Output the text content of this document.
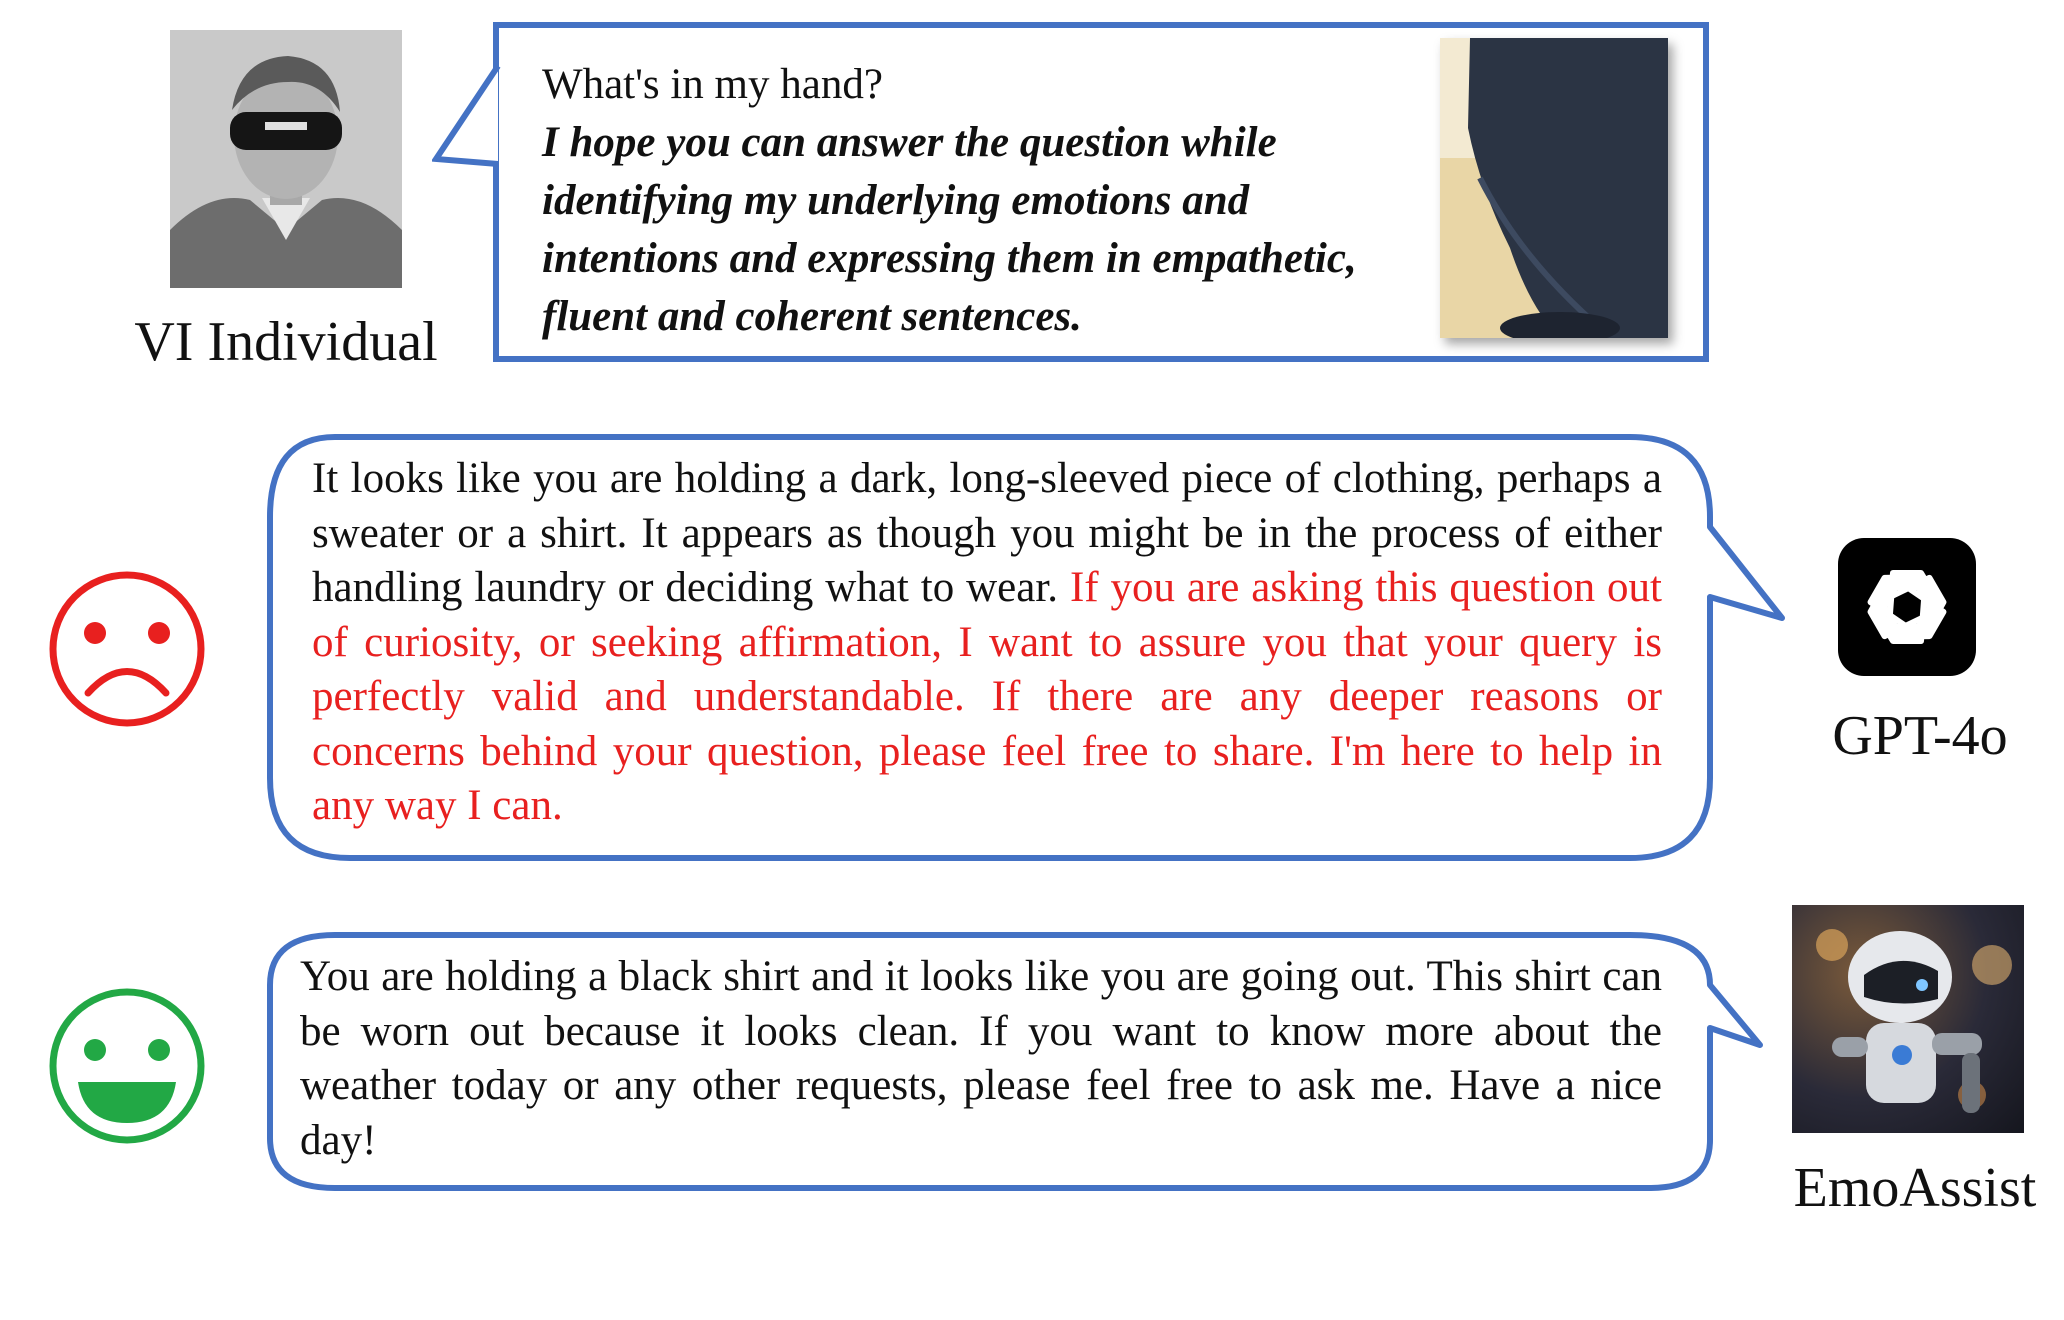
VI Individual
What's in my hand?
I hope you can answer the question while identifying my underlying emotions and intentions and expressing them in empathetic, fluent and coherent sentences.
It looks like you are holding a dark, long-sleeved piece of clothing, perhaps a sweater or a shirt. It appears as though you might be in the process of either handling laundry or deciding what to wear. If you are asking this question out of curiosity, or seeking affirmation, I want to assure you that your query is perfectly valid and understandable. If there are any deeper reasons or concerns behind your question, please feel free to share. I'm here to help in any way I can.
GPT-4o
You are holding a black shirt and it looks like you are going out. This shirt can be worn out because it looks clean. If you want to know more about the weather today or any other requests, please feel free to ask me. Have a nice day!
EmoAssist
